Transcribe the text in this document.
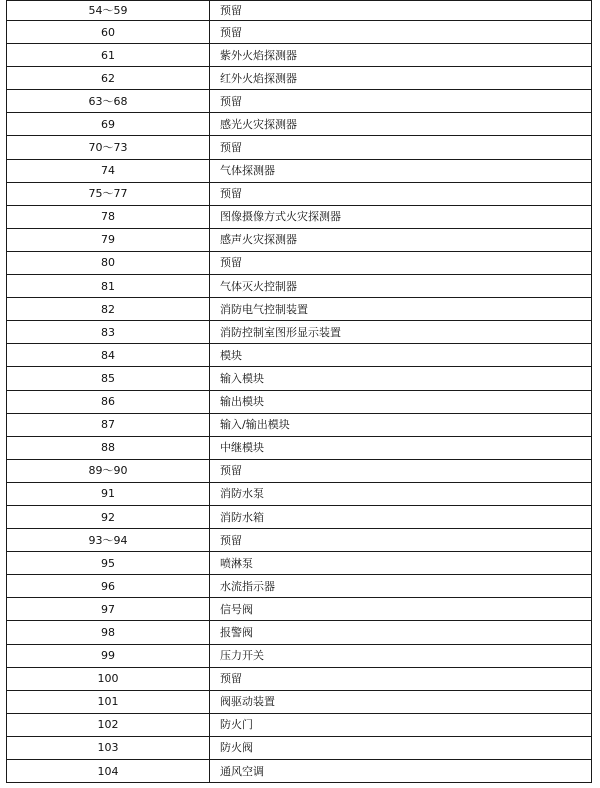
54～59	预留
60	预留
61	紫外火焰探测器
62	红外火焰探测器
63～68	预留
69	感光火灾探测器
70～73	预留
74	气体探测器
75～77	预留
78	图像摄像方式火灾探测器
79	感声火灾探测器
80	预留
81	气体灭火控制器
82	消防电气控制装置
83	消防控制室图形显示装置
84	模块
85	输入模块
86	输出模块
87	输入/输出模块
88	中继模块
89～90	预留
91	消防水泵
92	消防水箱
93～94	预留
95	喷淋泵
96	水流指示器
97	信号阀
98	报警阀
99	压力开关
100	预留
101	阀驱动装置
102	防火门
103	防火阀
104	通风空调
